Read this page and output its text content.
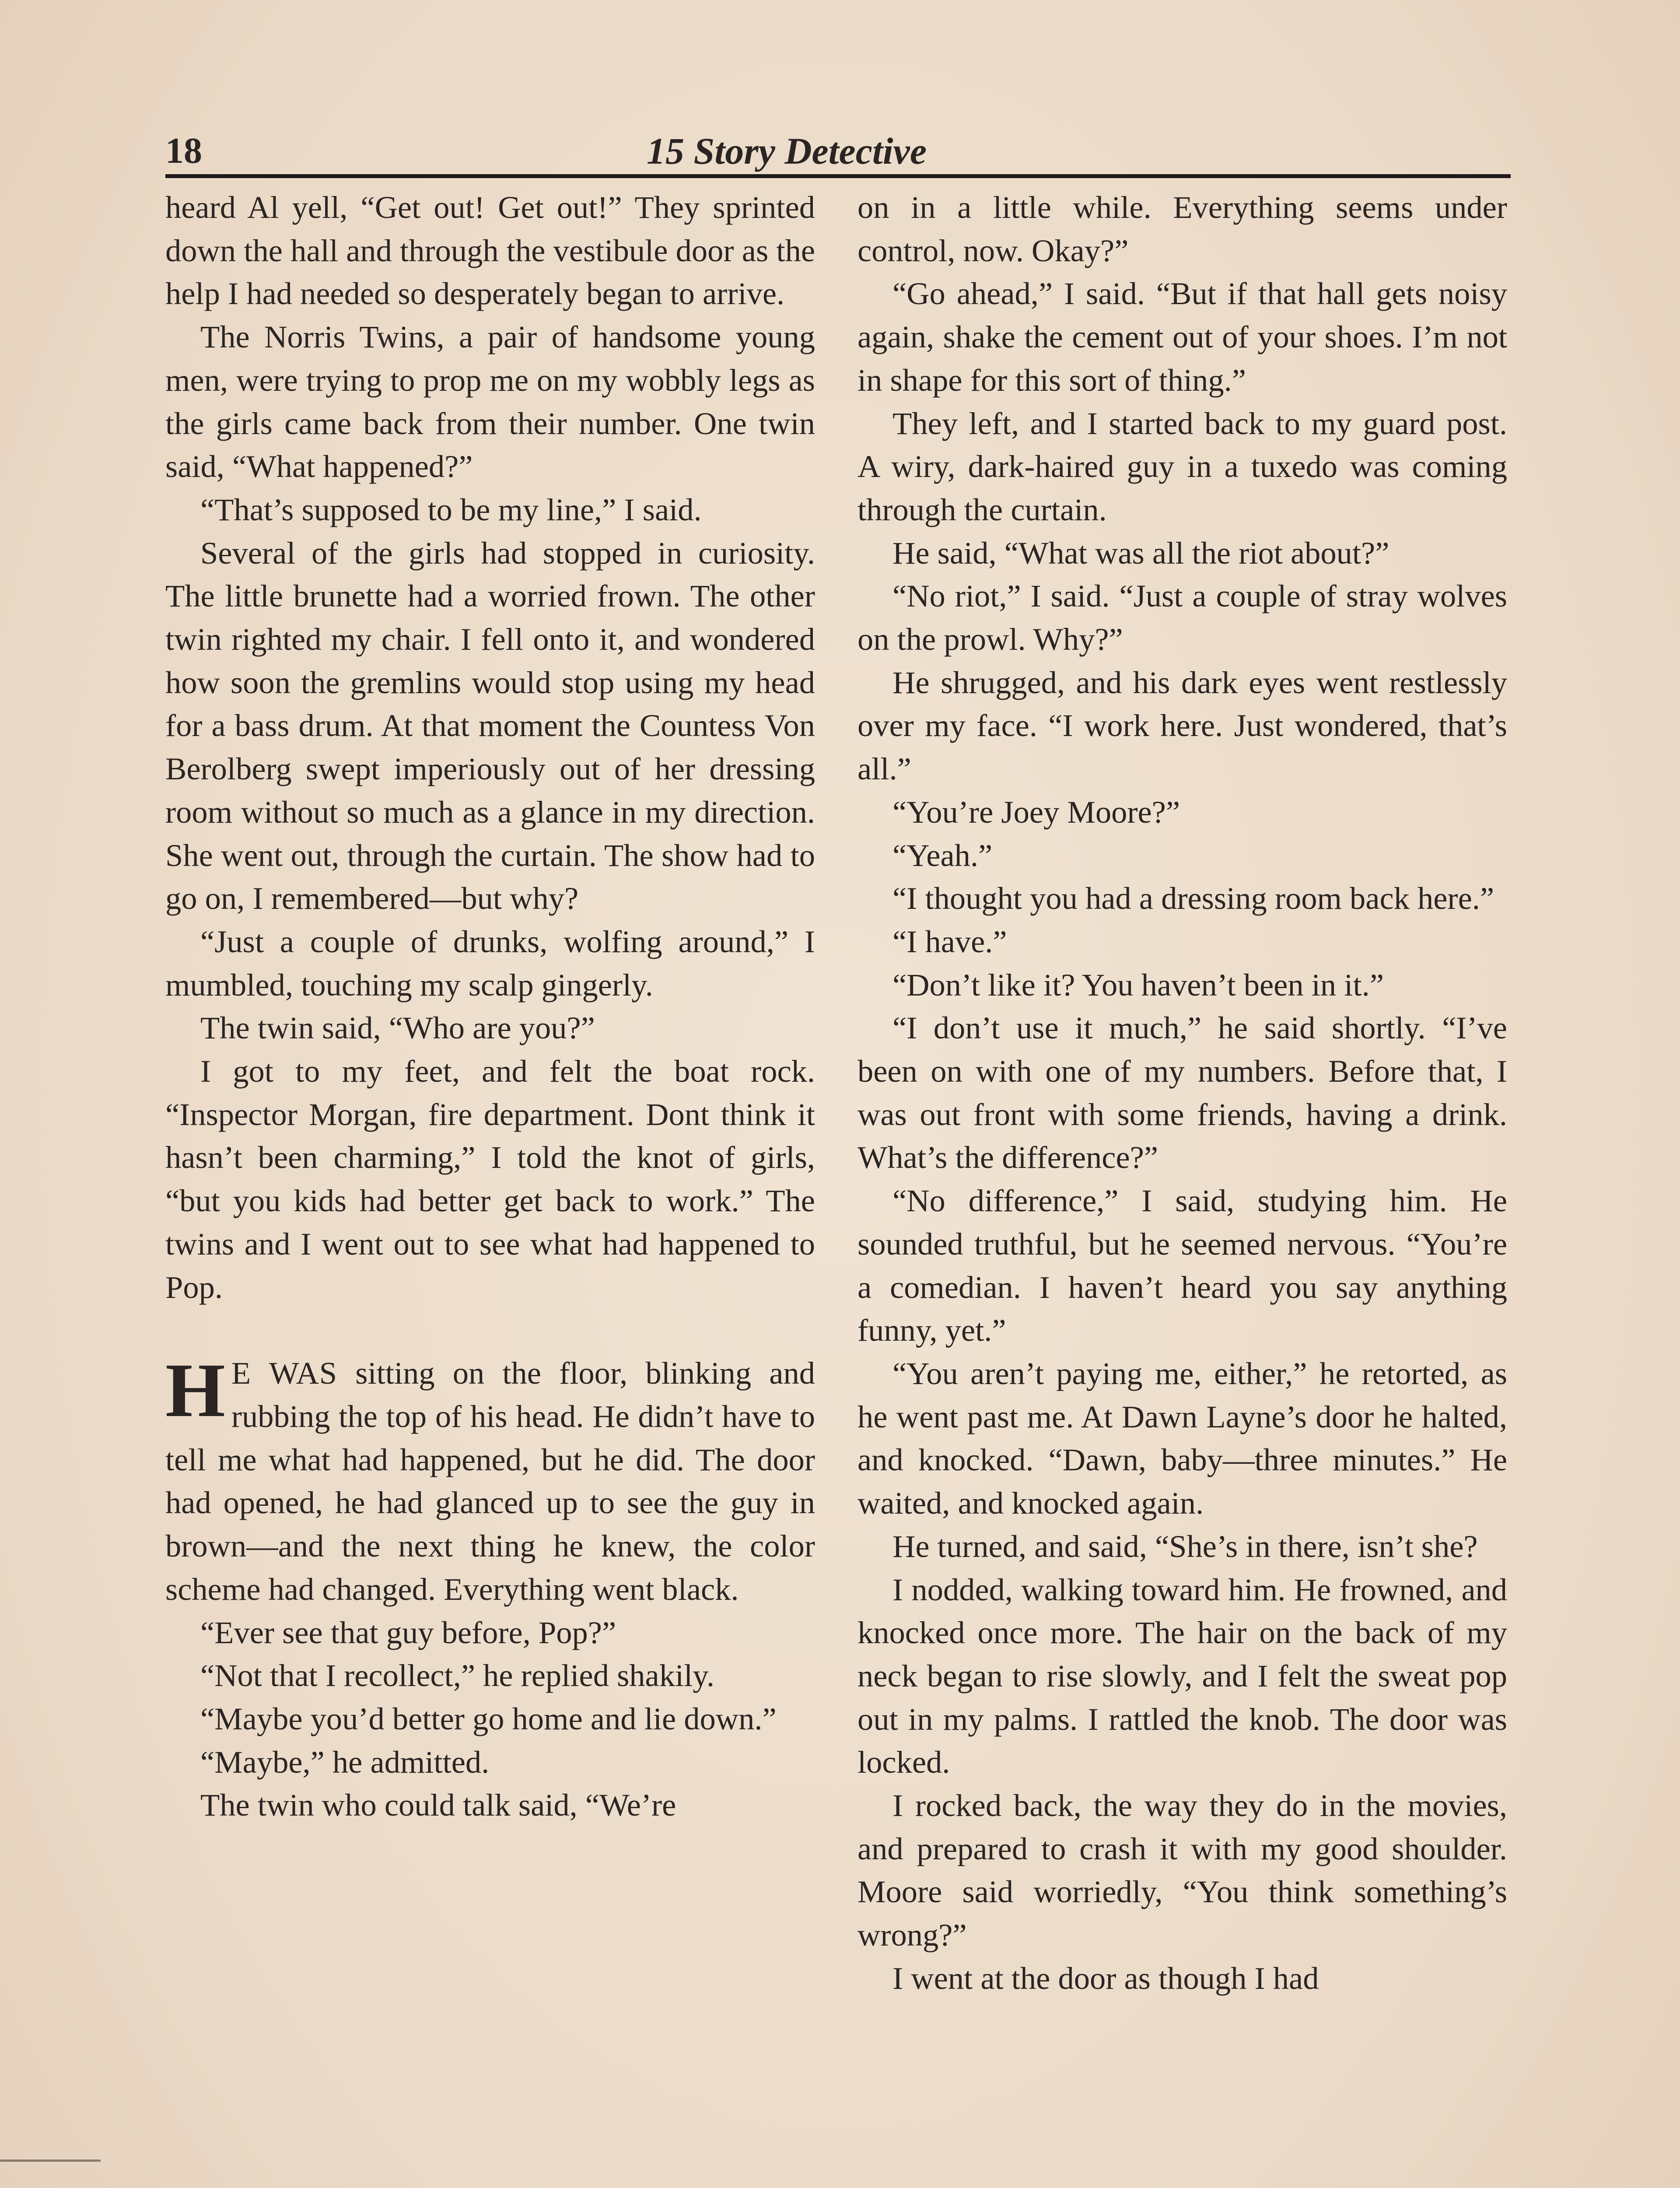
18	15 Story Detective

heard Al yell, “Get out! Get out!” They sprinted down the hall and through the vestibule door as the help I had needed so desperately began to arrive.

The Norris Twins, a pair of handsome young men, were trying to prop me on my wobbly legs as the girls came back from their number. One twin said, “What happened?”

“That’s supposed to be my line,” I said.

Several of the girls had stopped in curiosity. The little brunette had a worried frown. The other twin righted my chair. I fell onto it, and wondered how soon the gremlins would stop using my head for a bass drum. At that moment the Countess Von Berolberg swept imperiously out of her dressing room without so much as a glance in my direction. She went out, through the curtain. The show had to go on, I remembered—but why?

“Just a couple of drunks, wolfing around,” I mumbled, touching my scalp gingerly.

The twin said, “Who are you?”

I got to my feet, and felt the boat rock. “Inspector Morgan, fire department. Dont think it hasn’t been charming,” I told the knot of girls, “but you kids had better get back to work.” The twins and I went out to see what had happened to Pop.

H E WAS sitting on the floor, blinking and rubbing the top of his head. He didn’t have to tell me what had happened, but he did. The door had opened, he had glanced up to see the guy in brown—and the next thing he knew, the color scheme had changed. Everything went black.

“Ever see that guy before, Pop?”

“Not that I recollect,” he replied shakily.

“Maybe you’d better go home and lie down.”

“Maybe,” he admitted.

The twin who could talk said, “We’re

on in a little while. Everything seems under control, now. Okay?”

“Go ahead,” I said. “But if that hall gets noisy again, shake the cement out of your shoes. I’m not in shape for this sort of thing.”

They left, and I started back to my guard post. A wiry, dark-haired guy in a tuxedo was coming through the curtain.

He said, “What was all the riot about?”

“No riot,” I said. “Just a couple of stray wolves on the prowl. Why?”

He shrugged, and his dark eyes went restlessly over my face. “I work here. Just wondered, that’s all.”

“You’re Joey Moore?”

“Yeah.”

“I thought you had a dressing room back here.”

“I have.”

“Don’t like it? You haven’t been in it.”

“I don’t use it much,” he said shortly. “I’ve been on with one of my numbers. Before that, I was out front with some friends, having a drink. What’s the difference?”

“No difference,” I said, studying him. He sounded truthful, but he seemed nervous. “You’re a comedian. I haven’t heard you say anything funny, yet.”

“You aren’t paying me, either,” he retorted, as he went past me. At Dawn Layne’s door he halted, and knocked. “Dawn, baby—three minutes.” He waited, and knocked again.

He turned, and said, “She’s in there, isn’t she?

I nodded, walking toward him. He frowned, and knocked once more. The hair on the back of my neck began to rise slowly, and I felt the sweat pop out in my palms. I rattled the knob. The door was locked.

I rocked back, the way they do in the movies, and prepared to crash it with my good shoulder. Moore said worriedly, “You think something’s wrong?”

I went at the door as though I had
